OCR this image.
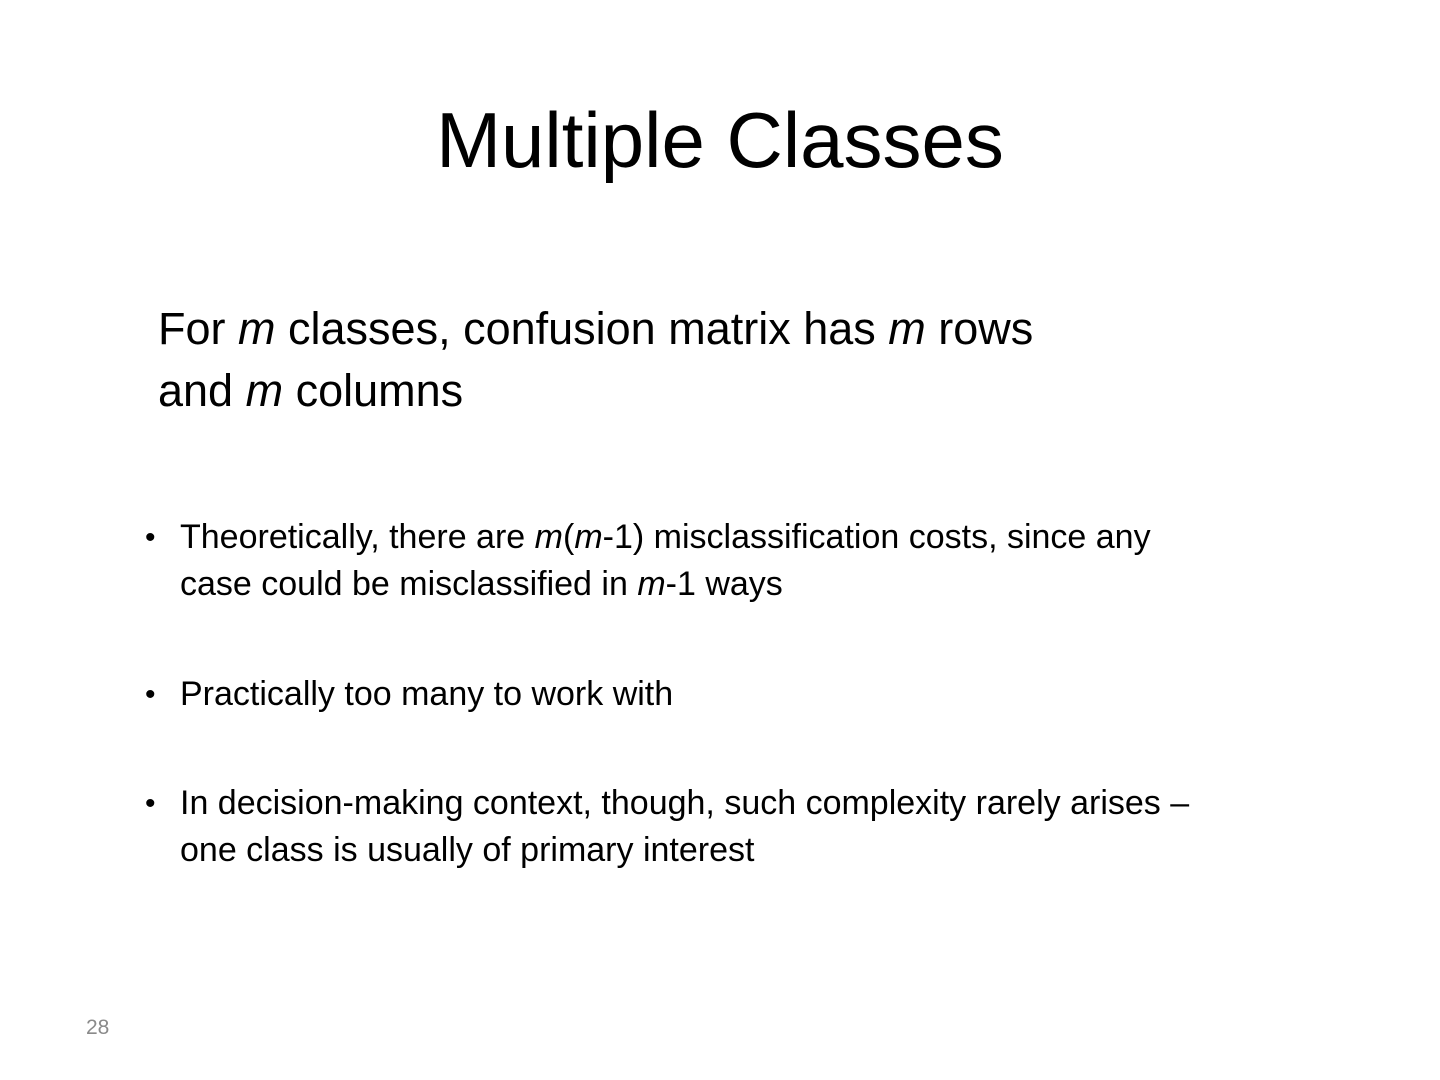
Multiple Classes

For m classes, confusion matrix has m rows
and m columns

• Theoretically, there are m(m-1) misclassification costs, since any
case could be misclassified in m-1 ways
• Practically too many to work with
• In decision-making context, though, such complexity rarely arises –
one class is usually of primary interest
28
